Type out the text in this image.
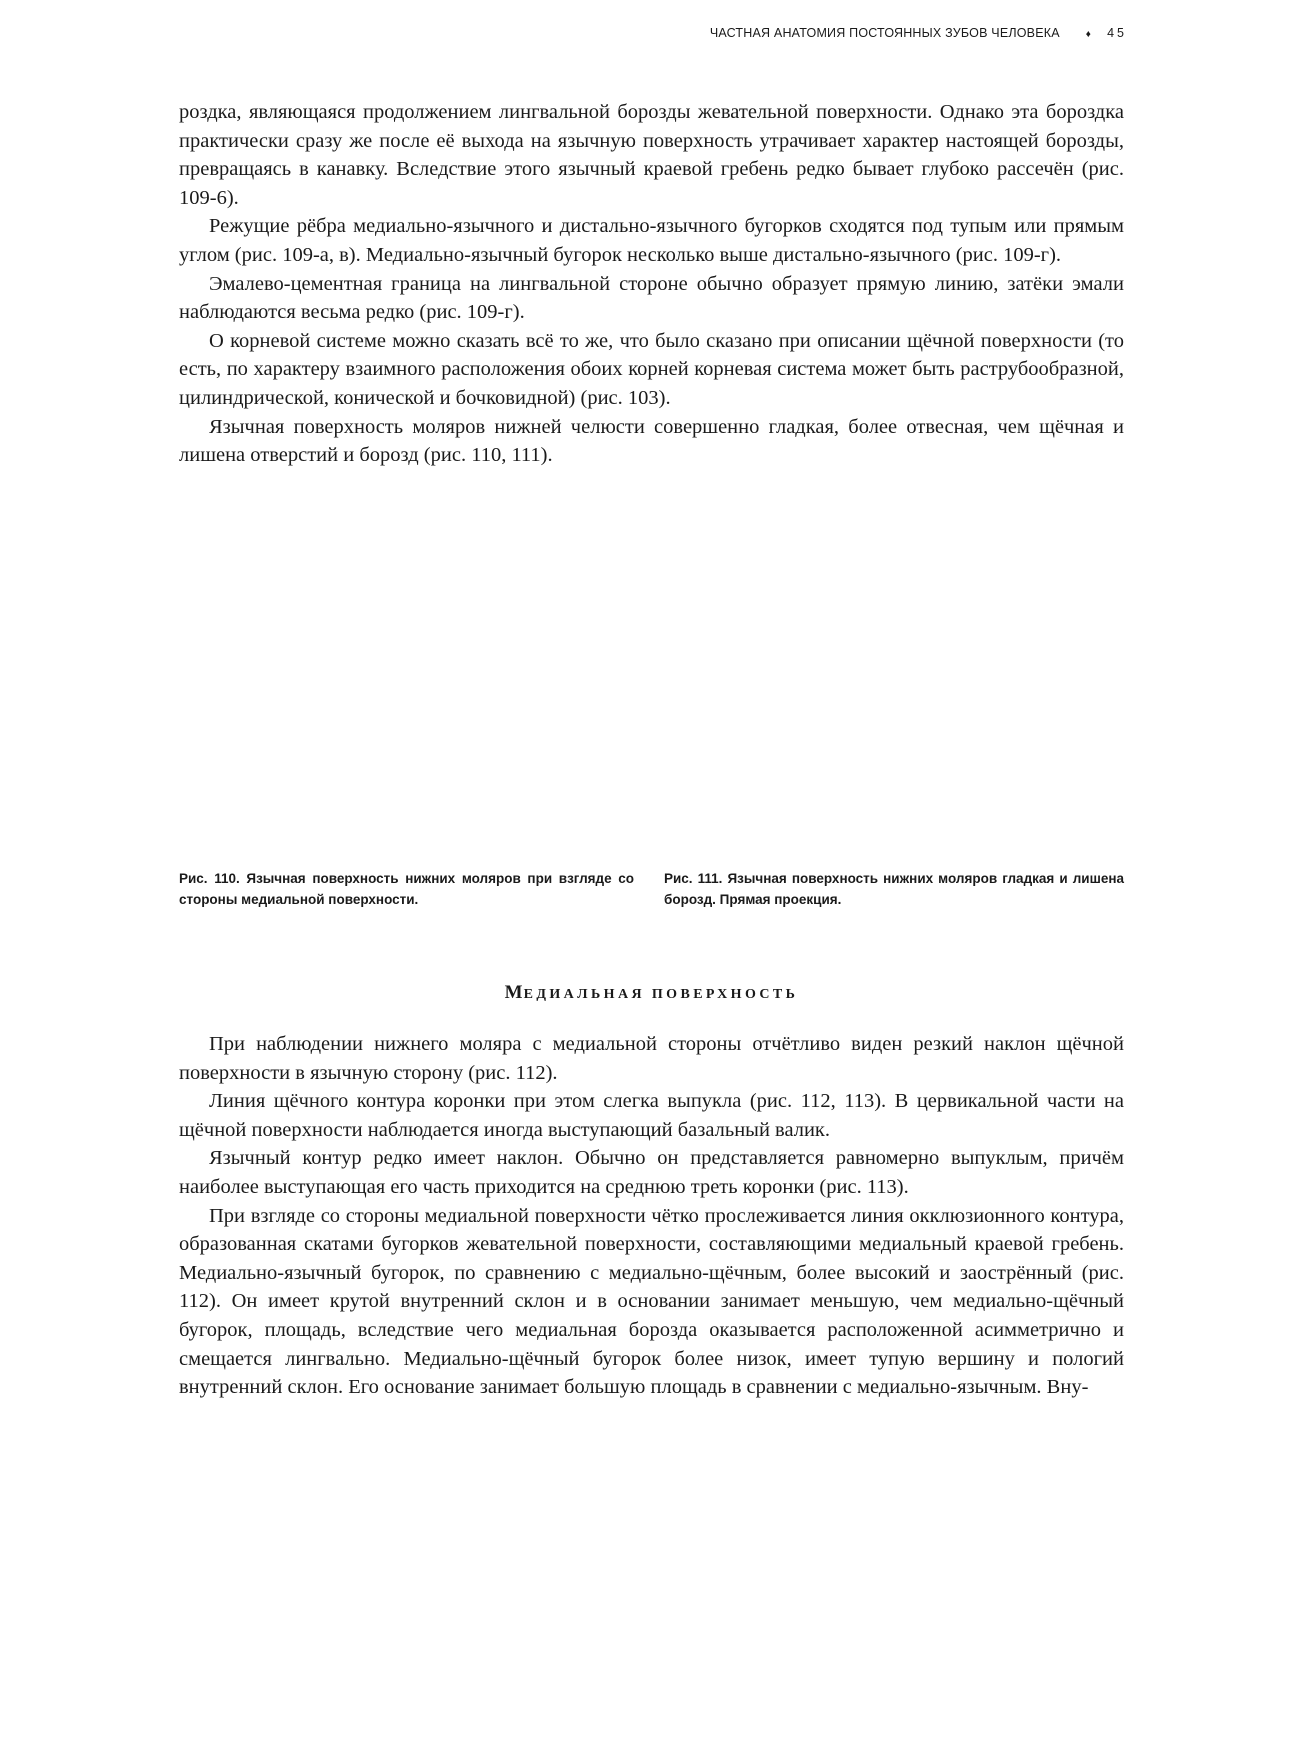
ЧАСТНАЯ АНАТОМИЯ ПОСТОЯННЫХ ЗУБОВ ЧЕЛОВЕКА	♦ 45

роздка, являющаяся продолжением лингвальной борозды жевательной поверхности. Однако эта бороздка практически сразу же после её выхода на язычную поверхность утрачивает характер настоящей борозды, превращаясь в канавку. Вследствие этого язычный краевой гребень редко бывает глубоко рассечён (рис. 109-6).

Режущие рёбра медиально-язычного и дистально-язычного бугорков сходятся под тупым или прямым углом (рис. 109-а, в). Медиально-язычный бугорок несколько выше дистально-язычного (рис. 109-г).

Эмалево-цементная граница на лингвальной стороне обычно образует прямую линию, затёки эмали наблюдаются весьма редко (рис. 109-г).

О корневой системе можно сказать всё то же, что было сказано при описании щёчной поверхности (то есть, по характеру взаимного расположения обоих корней корневая система может быть раструбообразной, цилиндрической, конической и бочковидной) (рис. 103).

Язычная поверхность моляров нижней челюсти совершенно гладкая, более отвесная, чем щёчная и лишена отверстий и борозд (рис. 110, 111).

Рис. 110. Язычная поверхность нижних моляров при взгляде со стороны медиальной поверхности.
Рис. 111. Язычная поверхность нижних моляров гладкая и лишена борозд. Прямая проекция.
МЕДИАЛЬНАЯ ПОВЕРХНОСТЬ

При наблюдении нижнего моляра с медиальной стороны отчётливо виден резкий наклон щёчной поверхности в язычную сторону (рис. 112).

Линия щёчного контура коронки при этом слегка выпукла (рис. 112, 113). В цервикальной части на щёчной поверхности наблюдается иногда выступающий базальный валик.

Язычный контур редко имеет наклон. Обычно он представляется равномерно выпуклым, причём наиболее выступающая его часть приходится на среднюю треть коронки (рис. 113).

При взгляде со стороны медиальной поверхности чётко прослеживается линия окклюзионного контура, образованная скатами бугорков жевательной поверхности, составляющими медиальный краевой гребень. Медиально-язычный бугорок, по сравнению с медиально-щёчным, более высокий и заострённый (рис. 112). Он имеет крутой внутренний склон и в основании занимает меньшую, чем медиально-щёчный бугорок, площадь, вследствие чего медиальная борозда оказывается расположенной асимметрично и смещается лингвально. Медиально-щёчный бугорок более низок, имеет тупую вершину и пологий внутренний склон. Его основание занимает большую площадь в сравнении с медиально-язычным. Вну-
